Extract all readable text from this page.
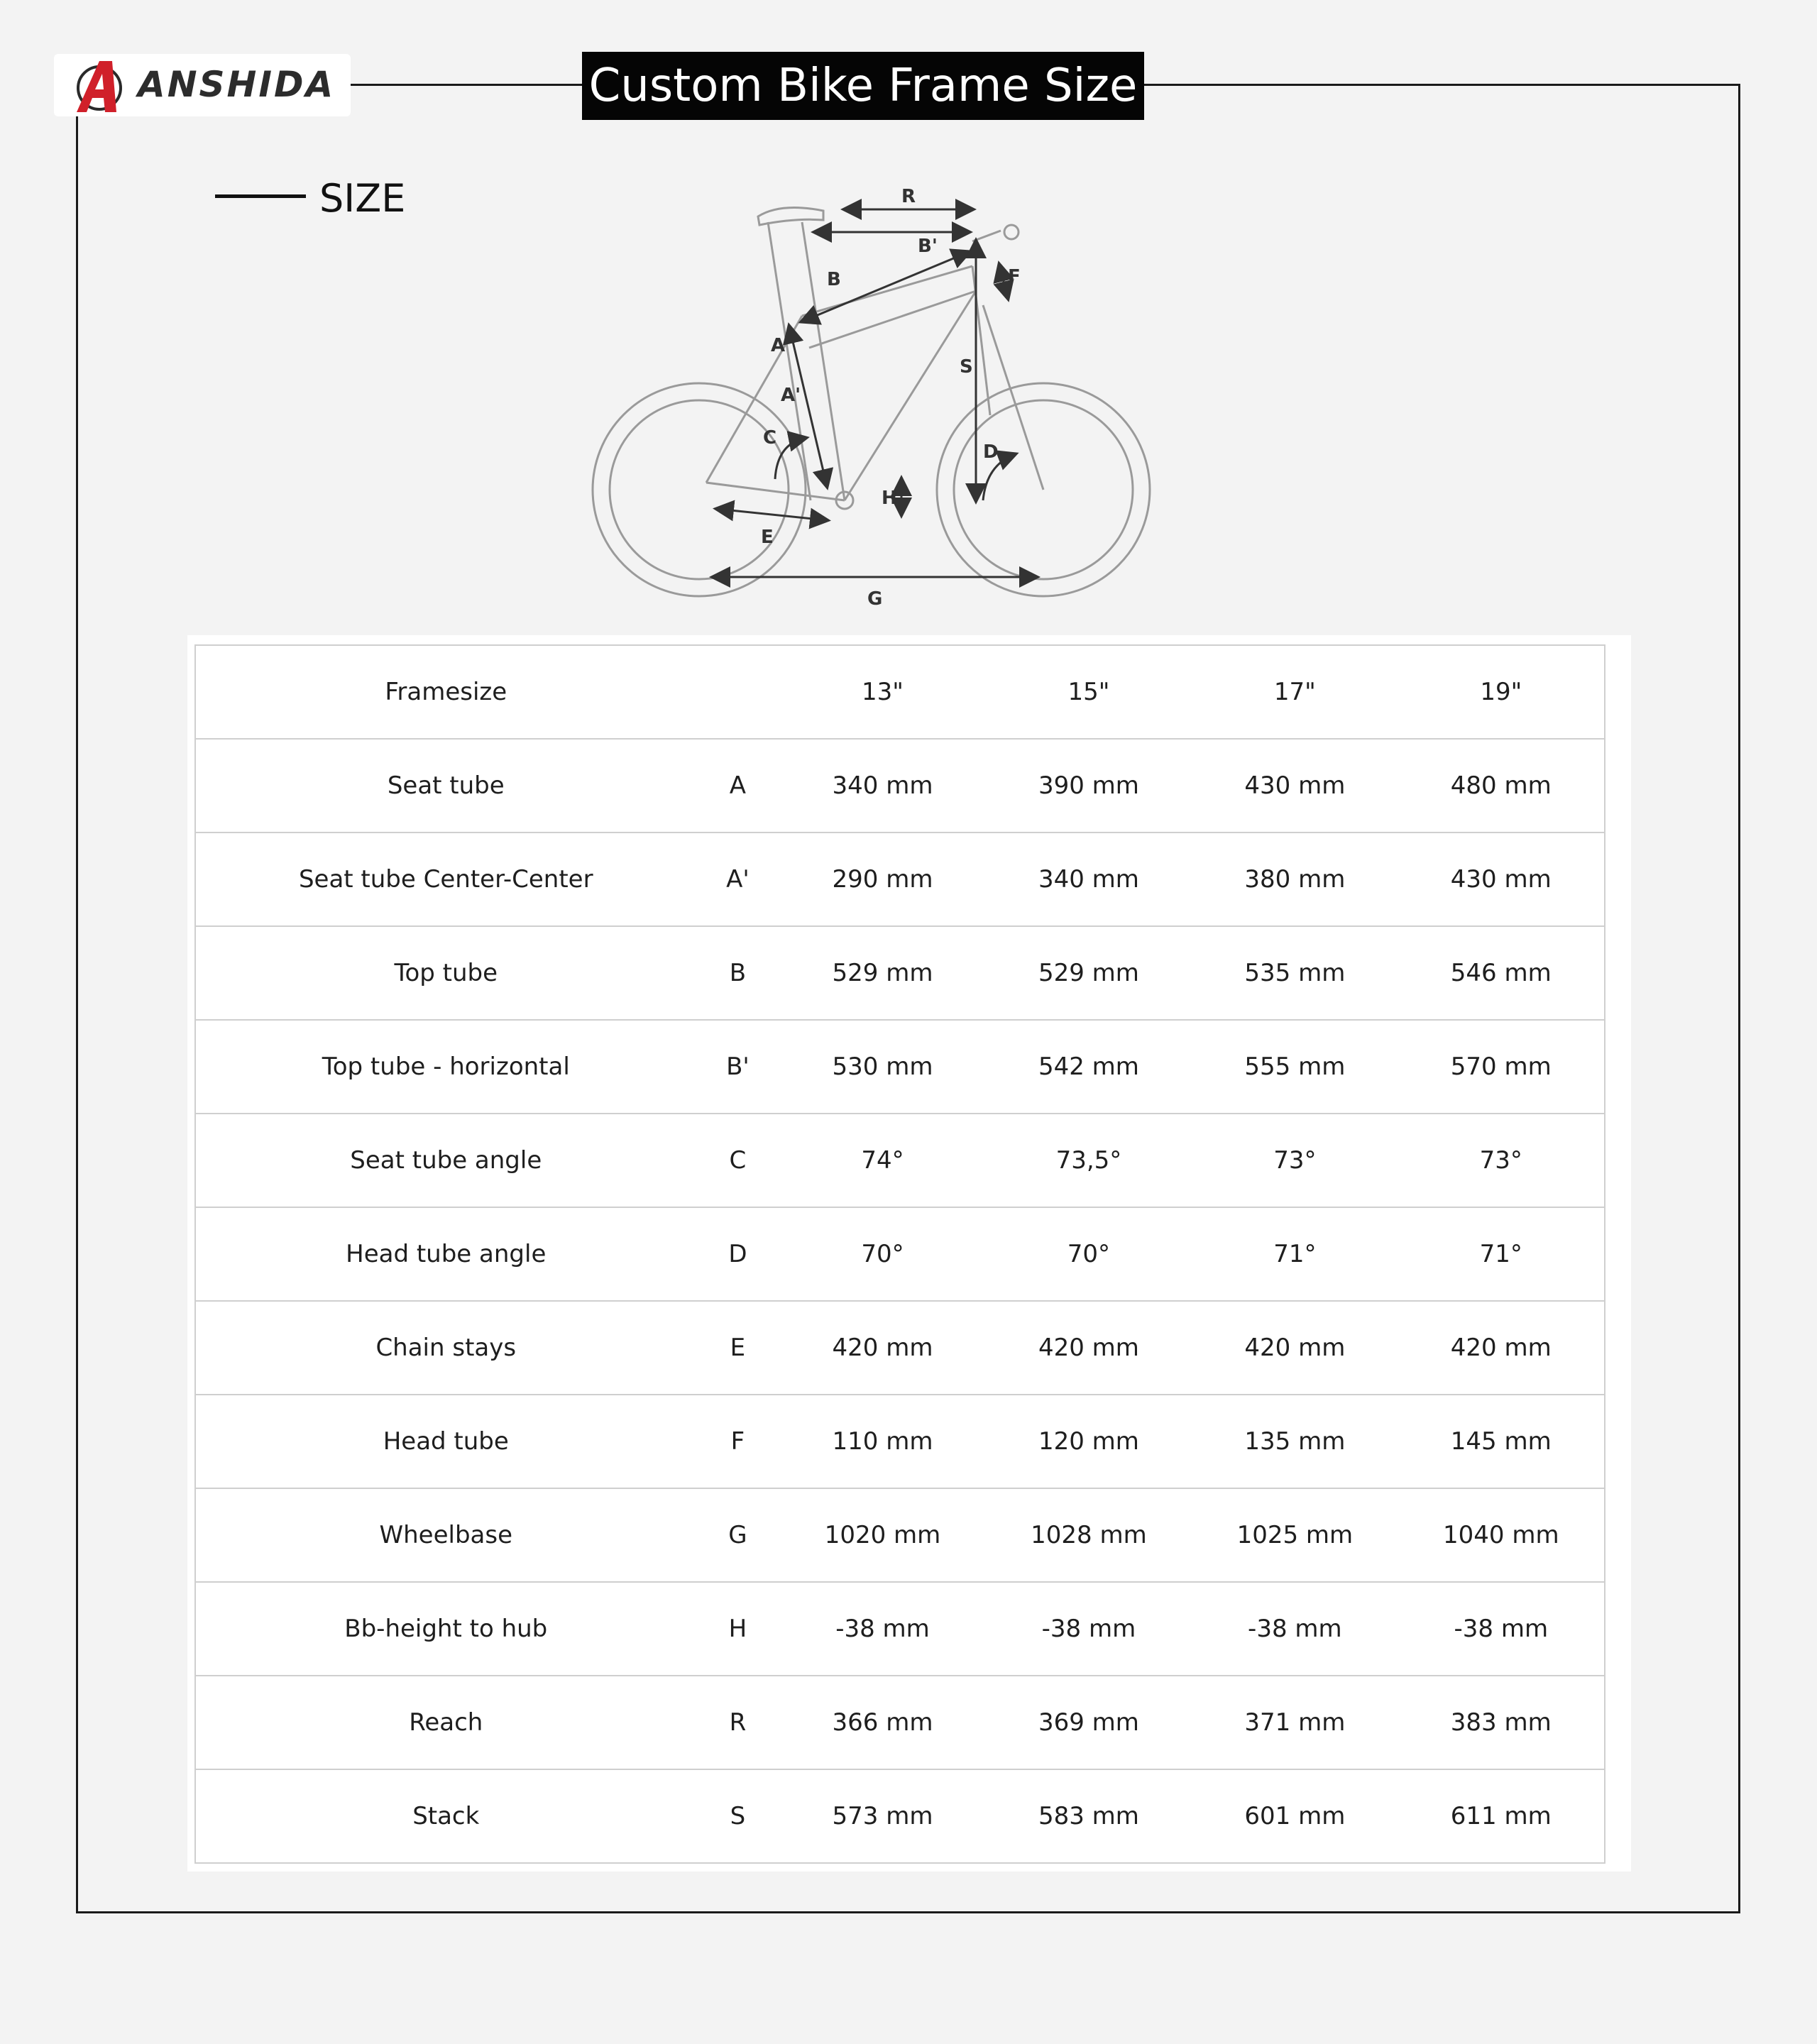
ANSHIDA	Custom Bike Frame Size
SIZE	R
B'
B	F
A
S
A'
C
D
H
E
G
Framesize		13"	15"	17"	19"
Seat tube	A	340 mm	390 mm	430 mm	480 mm
Seat tube Center-Center	A'	290 mm	340 mm	380 mm	430 mm
Top tube	B	529 mm	529 mm	535 mm	546 mm
Top tube - horizontal	B'	530 mm	542 mm	555 mm	570 mm
Seat tube angle	C	74°	73,5°	73°	73°
Head tube angle	D	70°	70°	71°	71°
Chain stays	E	420 mm	420 mm	420 mm	420 mm
Head tube	F	110 mm	120 mm	135 mm	145 mm
Wheelbase	G	1020 mm	1028 mm	1025 mm	1040 mm
Bb-height to hub	H	-38 mm	-38 mm	-38 mm	-38 mm
Reach	R	366 mm	369 mm	371 mm	383 mm
Stack	S	573 mm	583 mm	601 mm	611 mm
